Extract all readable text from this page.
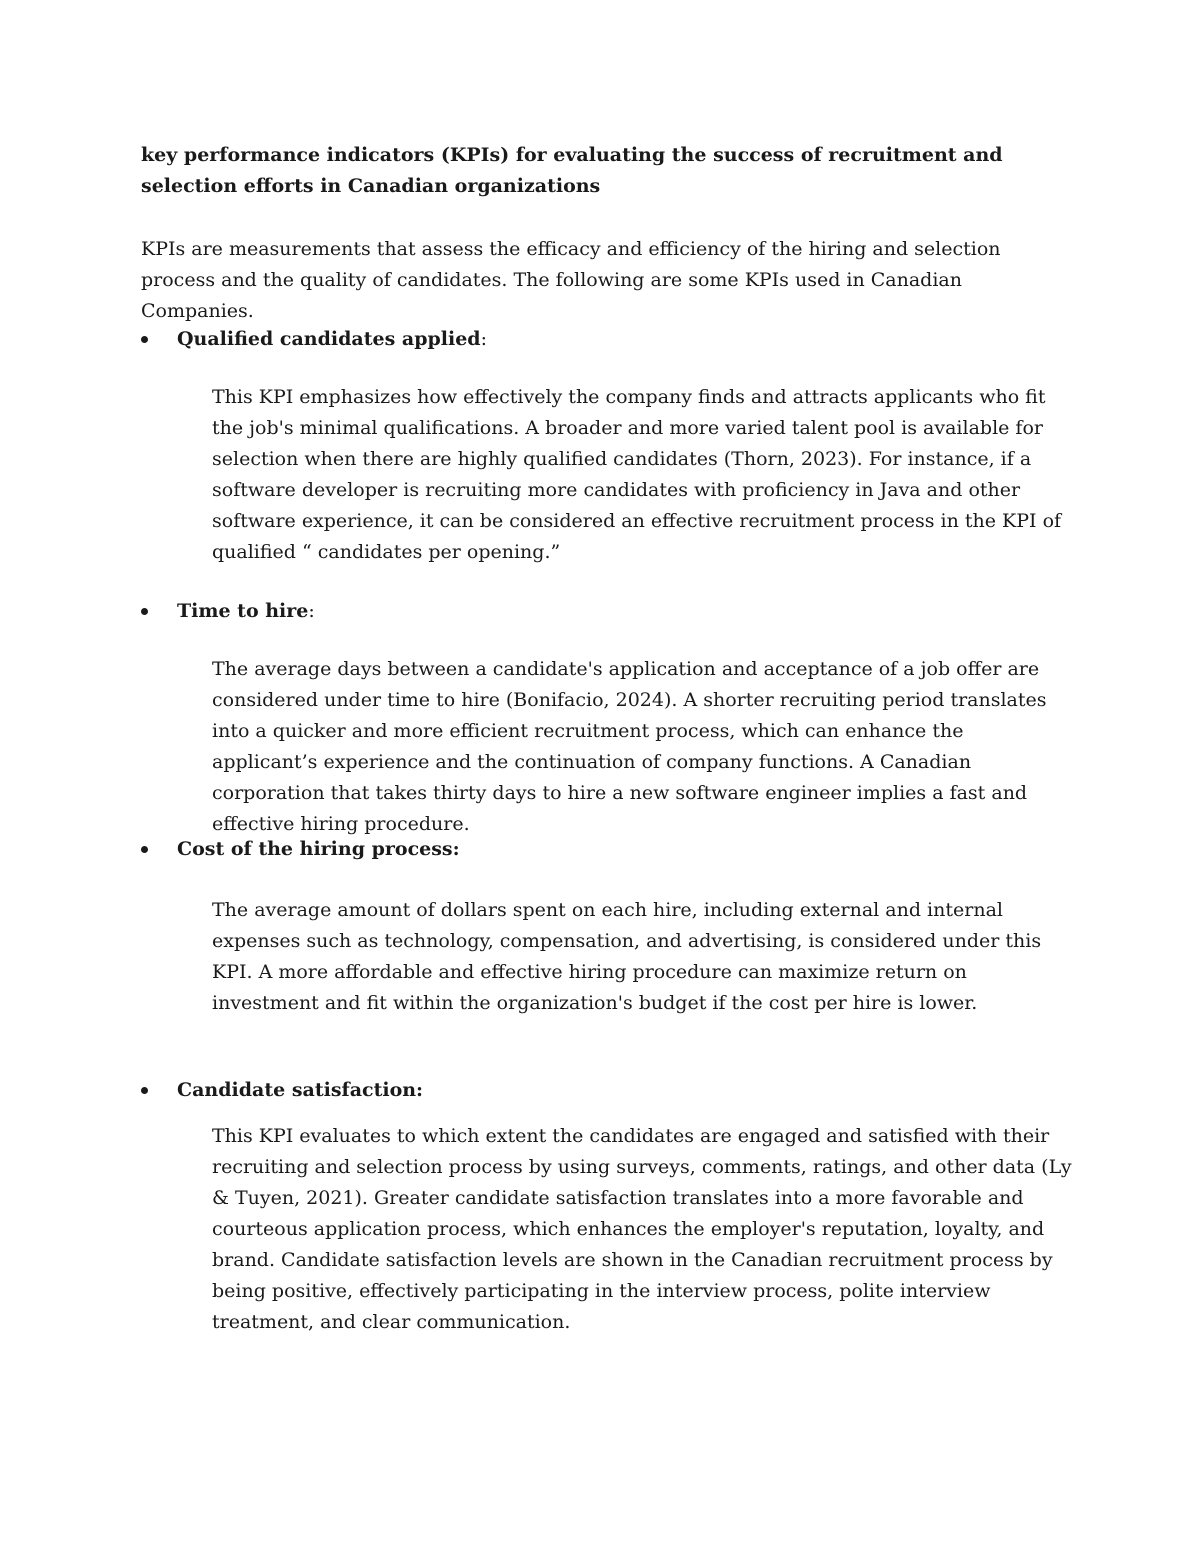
key performance indicators (KPIs) for evaluating the success of recruitment and selection efforts in Canadian organizations

KPIs are measurements that assess the efficacy and efficiency of the hiring and selection process and the quality of candidates. The following are some KPIs used in Canadian Companies.

Qualified candidates applied:

This KPI emphasizes how effectively the company finds and attracts applicants who fit the job's minimal qualifications. A broader and more varied talent pool is available for selection when there are highly qualified candidates (Thorn, 2023). For instance, if a software developer is recruiting more candidates with proficiency in Java and other software experience, it can be considered an effective recruitment process in the KPI of qualified “ candidates per opening.”

Time to hire:

The average days between a candidate's application and acceptance of a job offer are considered under time to hire (Bonifacio, 2024). A shorter recruiting period translates into a quicker and more efficient recruitment process, which can enhance the applicant’s experience and the continuation of company functions. A Canadian corporation that takes thirty days to hire a new software engineer implies a fast and effective hiring procedure.

Cost of the hiring process:

The average amount of dollars spent on each hire, including external and internal expenses such as technology, compensation, and advertising, is considered under this KPI. A more affordable and effective hiring procedure can maximize return on investment and fit within the organization's budget if the cost per hire is lower.

Candidate satisfaction:

This KPI evaluates to which extent the candidates are engaged and satisfied with their recruiting and selection process by using surveys, comments, ratings, and other data (Ly & Tuyen, 2021). Greater candidate satisfaction translates into a more favorable and courteous application process, which enhances the employer's reputation, loyalty, and brand. Candidate satisfaction levels are shown in the Canadian recruitment process by being positive, effectively participating in the interview process, polite interview treatment, and clear communication.
